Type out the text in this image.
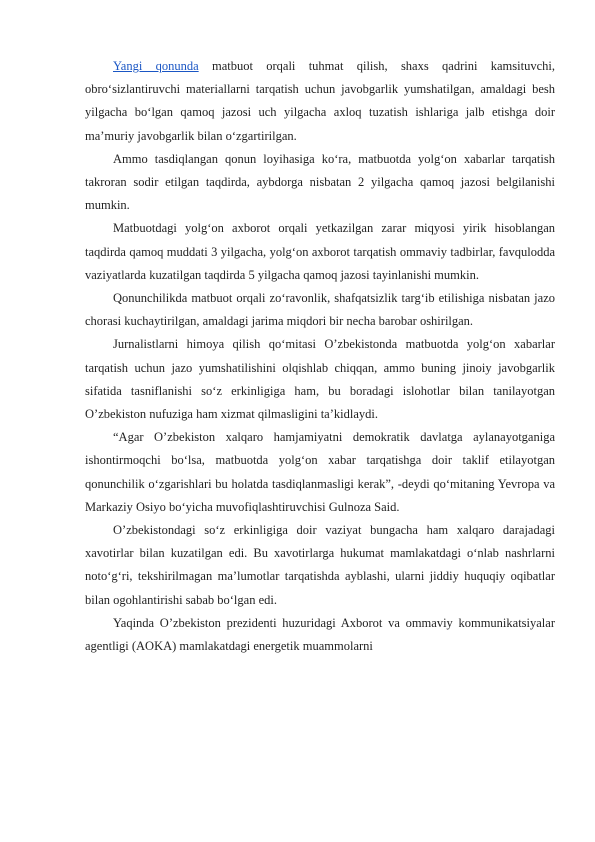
Yangi qonunda matbuot orqali tuhmat qilish, shaxs qadrini kamsituvchi, obro‘sizlantiruvchi materiallarni tarqatish uchun javobgarlik yumshatilgan, amaldagi besh yilgacha bo‘lgan qamoq jazosi uch yilgacha axloq tuzatish ishlariga jalb etishga doir ma’muriy javobgarlik bilan o‘zgartirilgan.

Ammo tasdiqlangan qonun loyihasiga ko‘ra, matbuotda yolg‘on xabarlar tarqatish takroran sodir etilgan taqdirda, aybdorga nisbatan 2 yilgacha qamoq jazosi belgilanishi mumkin.

Matbuotdagi yolg‘on axborot orqali yetkazilgan zarar miqyosi yirik hisoblangan taqdirda qamoq muddati 3 yilgacha, yolg‘on axborot tarqatish ommaviy tadbirlar, favqulodda vaziyatlarda kuzatilgan taqdirda 5 yilgacha qamoq jazosi tayinlanishi mumkin.

Qonunchilikda matbuot orqali zo‘ravonlik, shafqatsizlik targ‘ib etilishiga nisbatan jazo chorasi kuchaytirilgan, amaldagi jarima miqdori bir necha barobar oshirilgan.

Jurnalistlarni himoya qilish qo‘mitasi O’zbekistonda matbuotda yolg‘on xabarlar tarqatish uchun jazo yumshatilishini olqishlab chiqqan, ammo buning jinoiy javobgarlik sifatida tasniflanishi so‘z erkinligiga ham, bu boradagi islohotlar bilan tanilayotgan O’zbekiston nufuziga ham xizmat qilmasligini ta’kidlaydi.

“Agar O’zbekiston xalqaro hamjamiyatni demokratik davlatga aylanayotganiga ishontirmoqchi bo‘lsa, matbuotda yolg‘on xabar tarqatishga doir taklif etilayotgan qonunchilik o‘zgarishlari bu holatda tasdiqlanmasligi kerak”, -deydi qo‘mitaning Yevropa va Markaziy Osiyo bo‘yicha muvofiqlashtiruvchisi Gulnoza Said.

O’zbekistondagi so‘z erkinligiga doir vaziyat bungacha ham xalqaro darajadagi xavotirlar bilan kuzatilgan edi. Bu xavotirlarga hukumat mamlakatdagi o‘nlab nashrlarni noto‘g‘ri, tekshirilmagan ma’lumotlar tarqatishda ayblashi, ularni jiddiy huquqiy oqibatlar bilan ogohlantirishi sabab bo‘lgan edi.

Yaqinda O’zbekiston prezidenti huzuridagi Axborot va ommaviy kommunikatsiyalar agentligi (AOKA) mamlakatdagi energetik muammolarni
